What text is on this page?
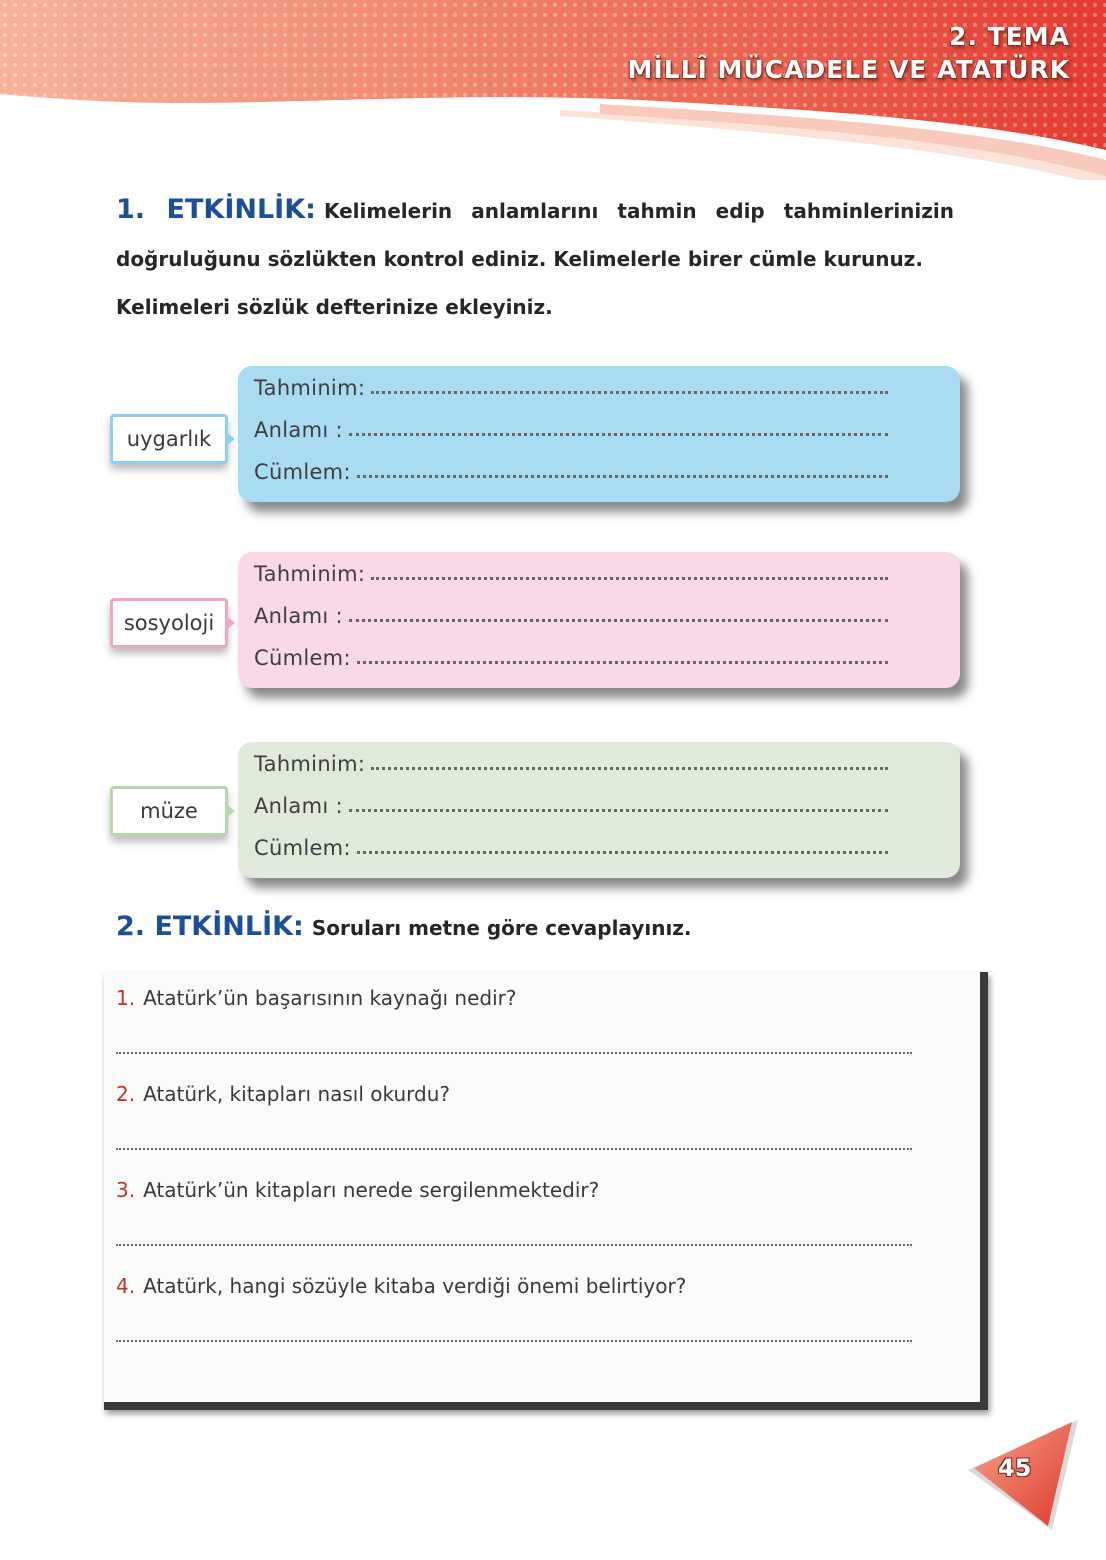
2. TEMA
MİLLÎ MÜCADELE VE ATATÜRK

1. ETKİNLİK: Kelimelerin anlamlarını tahmin edip tahminlerinizin

doğruluğunu sözlükten kontrol ediniz. Kelimelerle birer cümle kurunuz.

Kelimeleri sözlük defterinize ekleyiniz.

uygarlık
Tahminim:
Anlamı :
Cümlem:
sosyoloji
Tahminim:
Anlamı :
Cümlem:
müze
Tahminim:
Anlamı :
Cümlem:

2. ETKİNLİK: Soruları metne göre cevaplayınız.

1. Atatürk’ün başarısının kaynağı nedir?

2. Atatürk, kitapları nasıl okurdu?

3. Atatürk’ün kitapları nerede sergilenmektedir?

4. Atatürk, hangi sözüyle kitaba verdiği önemi belirtiyor?

45
